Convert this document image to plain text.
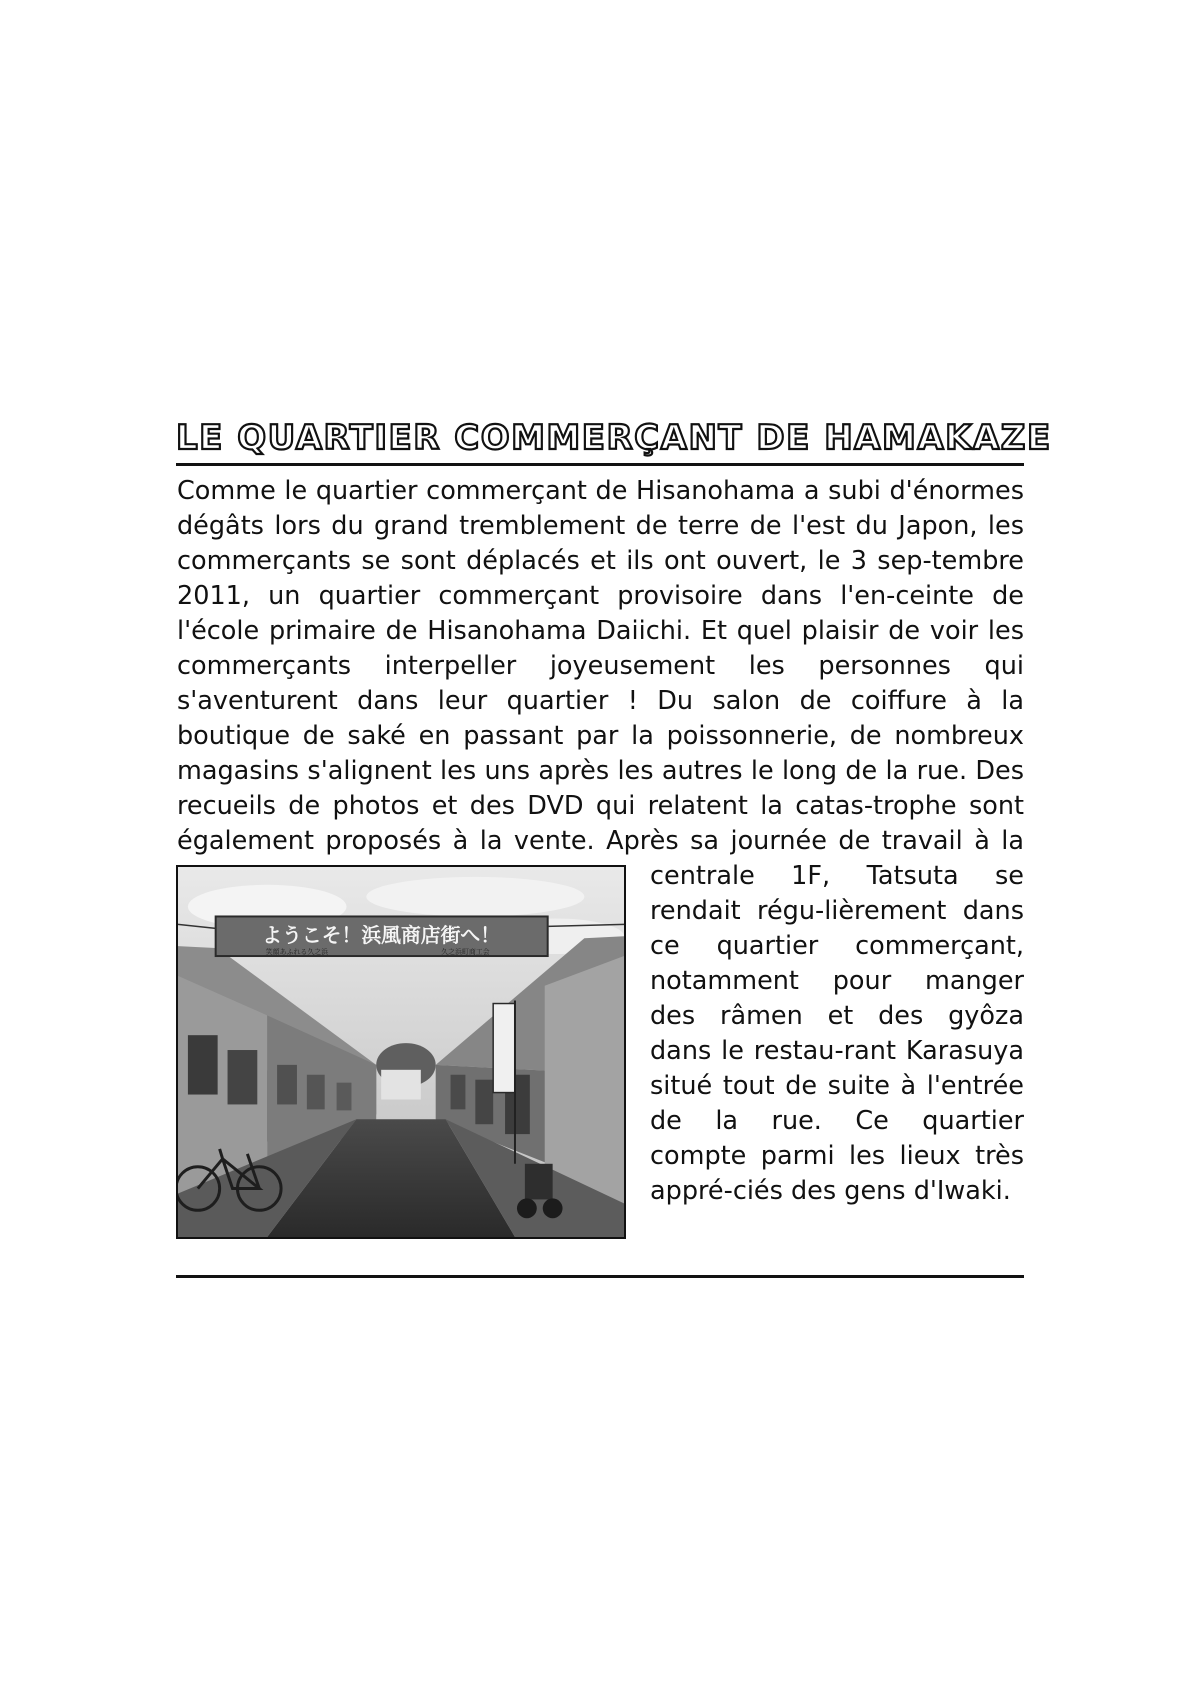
LE QUARTIER COMMERÇANT DE HAMAKAZE
ようこそ！浜風商店街へ！
笑顔あふれる久之浜	久之浜町商工会
Comme le quartier commerçant de Hisanohama a subi d'énormes dégâts lors du grand tremblement de terre de l'est du Japon, les commerçants se sont déplacés et ils ont ouvert, le 3 sep-tembre 2011, un quartier commerçant provisoire dans l'en-ceinte de l'école primaire de Hisanohama Daiichi. Et quel plaisir de voir les commerçants interpeller joyeusement les personnes qui s'aventurent dans leur quartier ! Du salon de coiffure à la boutique de saké en passant par la poissonnerie, de nombreux magasins s'alignent les uns après les autres le long de la rue. Des recueils de photos et des DVD qui relatent la catas-trophe sont également proposés à la vente. Après sa journée de travail à la centrale 1F, Tatsuta se rendait régu-lièrement dans ce quartier commerçant, notamment pour manger des râmen et des gyôza dans le restau-rant Karasuya situé tout de suite à l'entrée de la rue. Ce quartier compte parmi les lieux très appré-ciés des gens d'Iwaki.
